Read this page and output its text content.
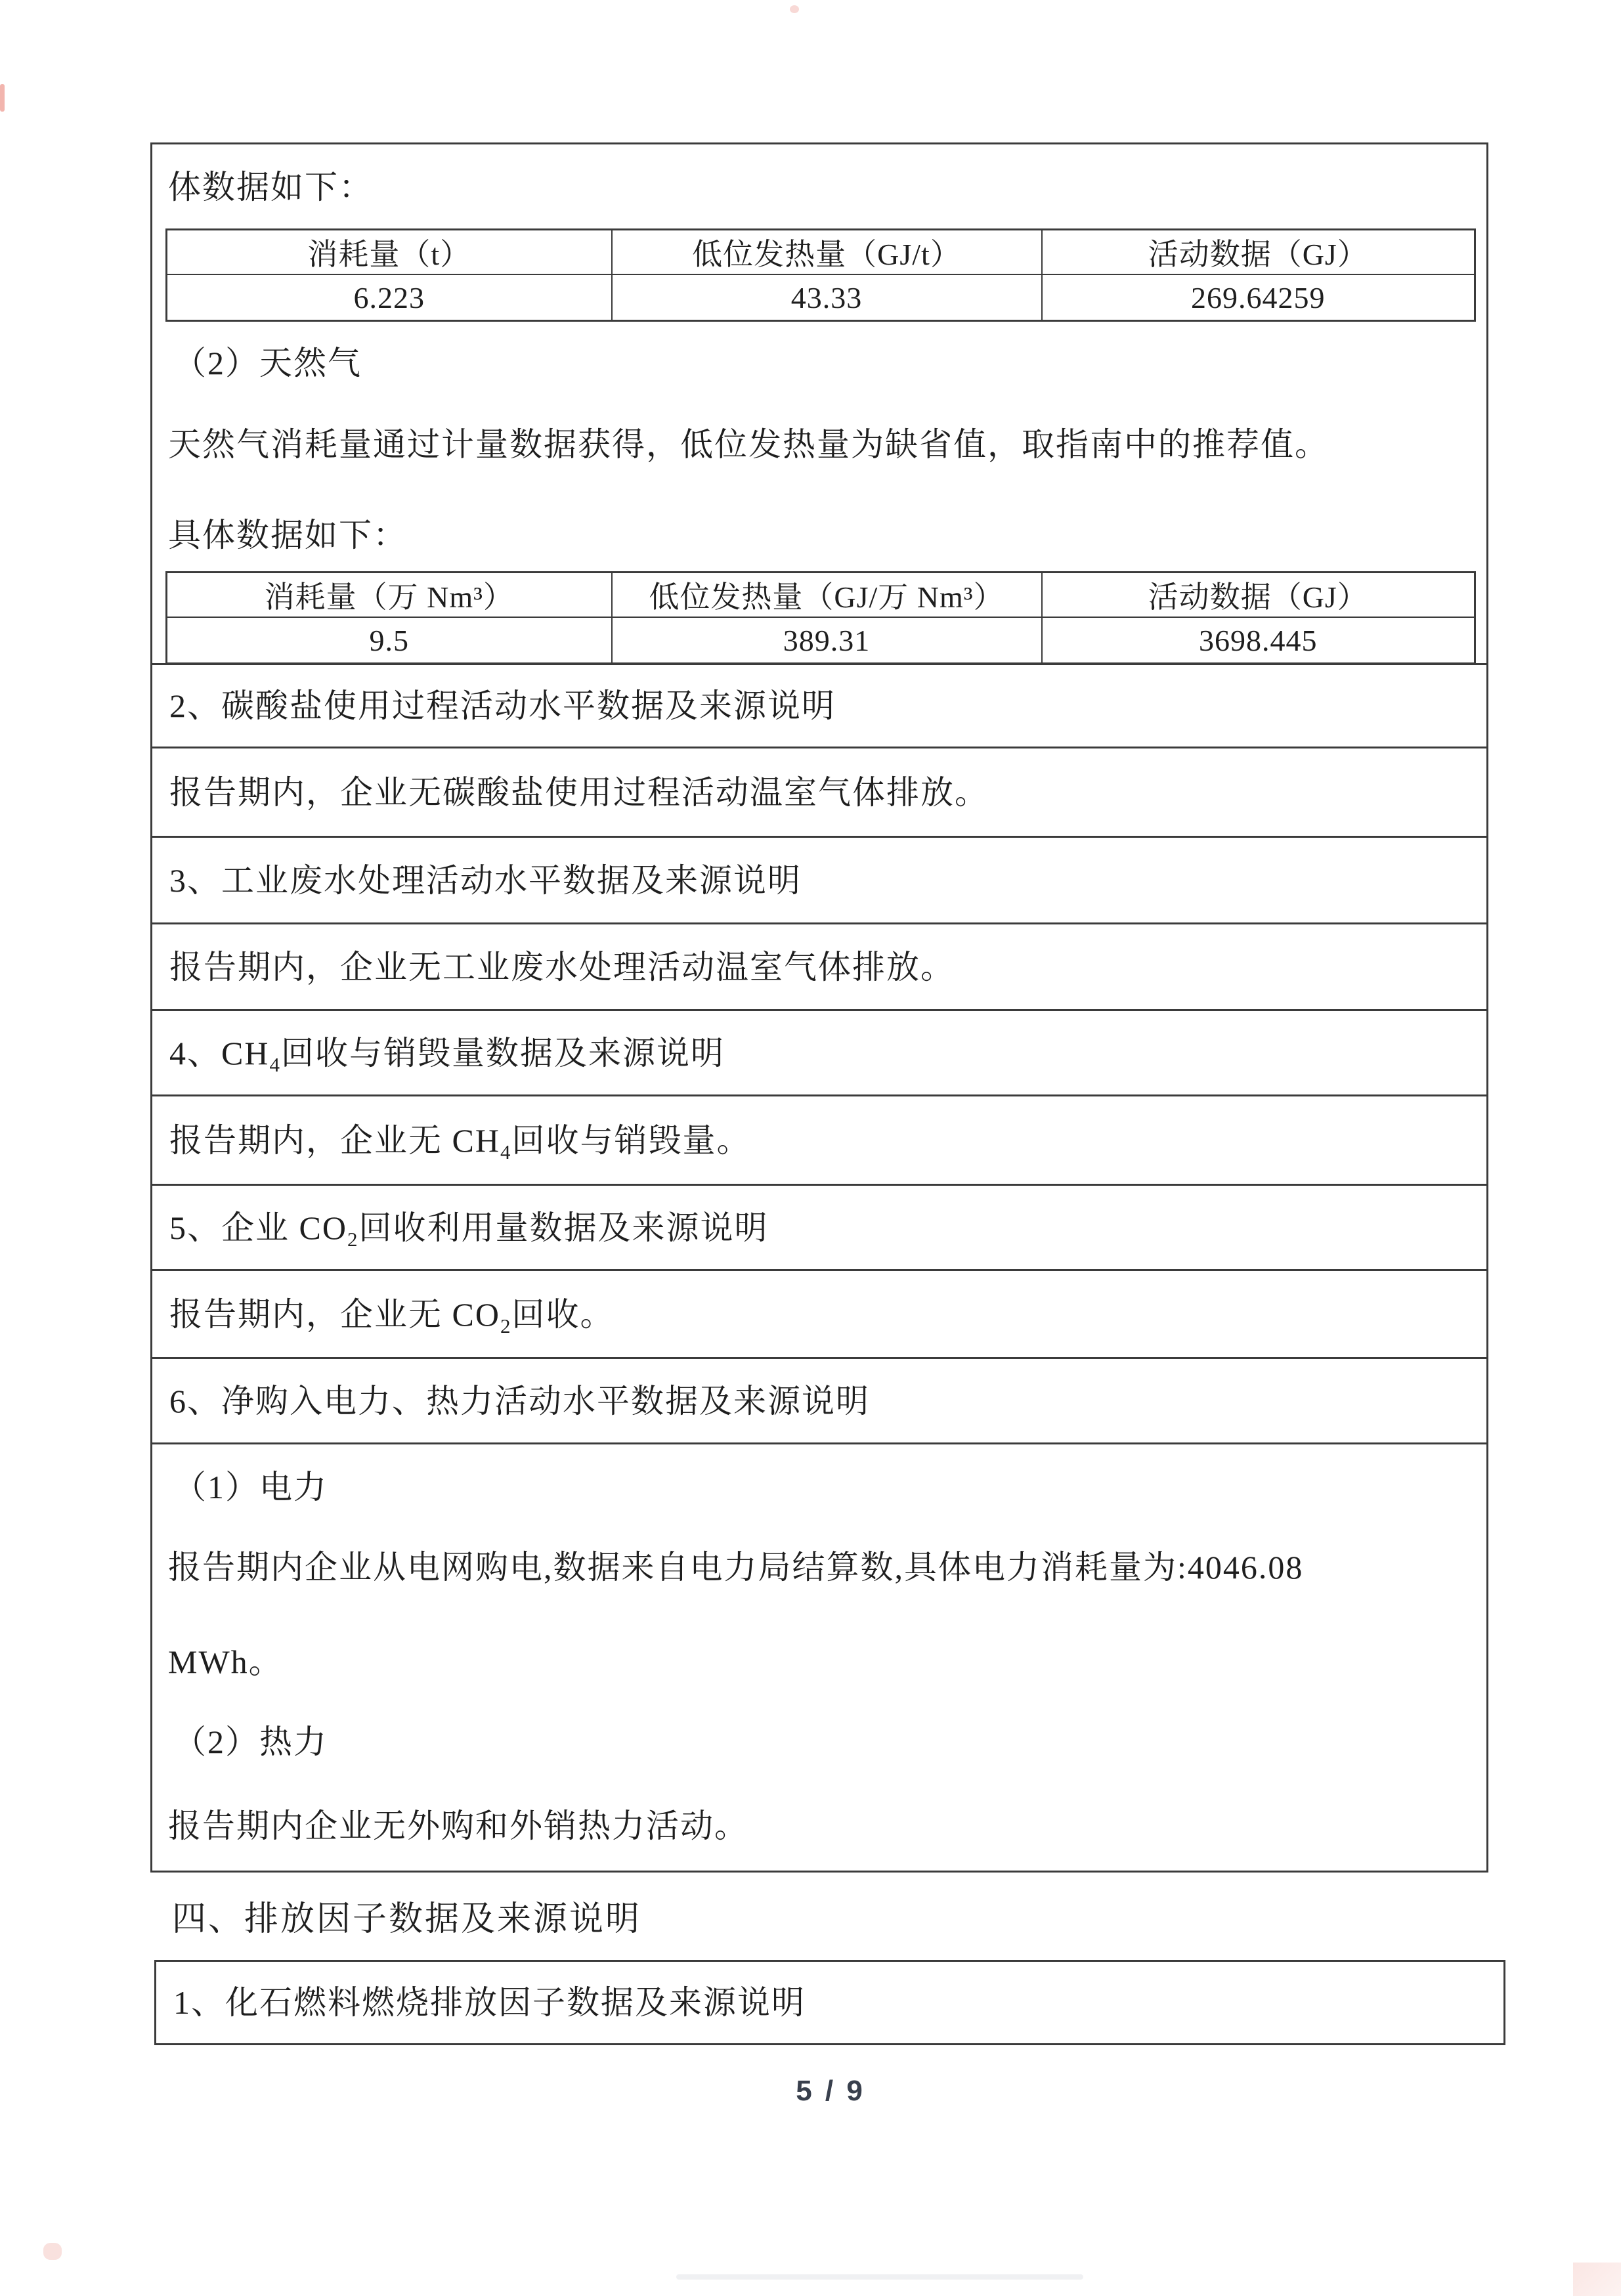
体数据如下：

消耗量（t）	低位发热量（GJ/t）	活动数据（GJ）
6.223	43.33	269.64259

（2）天然气

天然气消耗量通过计量数据获得，低位发热量为缺省值，取指南中的推荐值。

具体数据如下：

消耗量（万 Nm³）	低位发热量（GJ/万 Nm³）	活动数据（GJ）
9.5	389.31	3698.445

2、碳酸盐使用过程活动水平数据及来源说明

报告期内，企业无碳酸盐使用过程活动温室气体排放。

3、工业废水处理活动水平数据及来源说明

报告期内，企业无工业废水处理活动温室气体排放。

4、$CH_4$回收与销毁量数据及来源说明

报告期内，企业无 $CH_4$回收与销毁量。

5、企业 $CO_2$回收利用量数据及来源说明

报告期内，企业无 $CO_2$回收。

6、净购入电力、热力活动水平数据及来源说明

（1）电力

报告期内企业从电网购电,数据来自电力局结算数,具体电力消耗量为:4046.08

MWh。

（2）热力

报告期内企业无外购和外销热力活动。

四、排放因子数据及来源说明

1、化石燃料燃烧排放因子数据及来源说明

5 / 9
